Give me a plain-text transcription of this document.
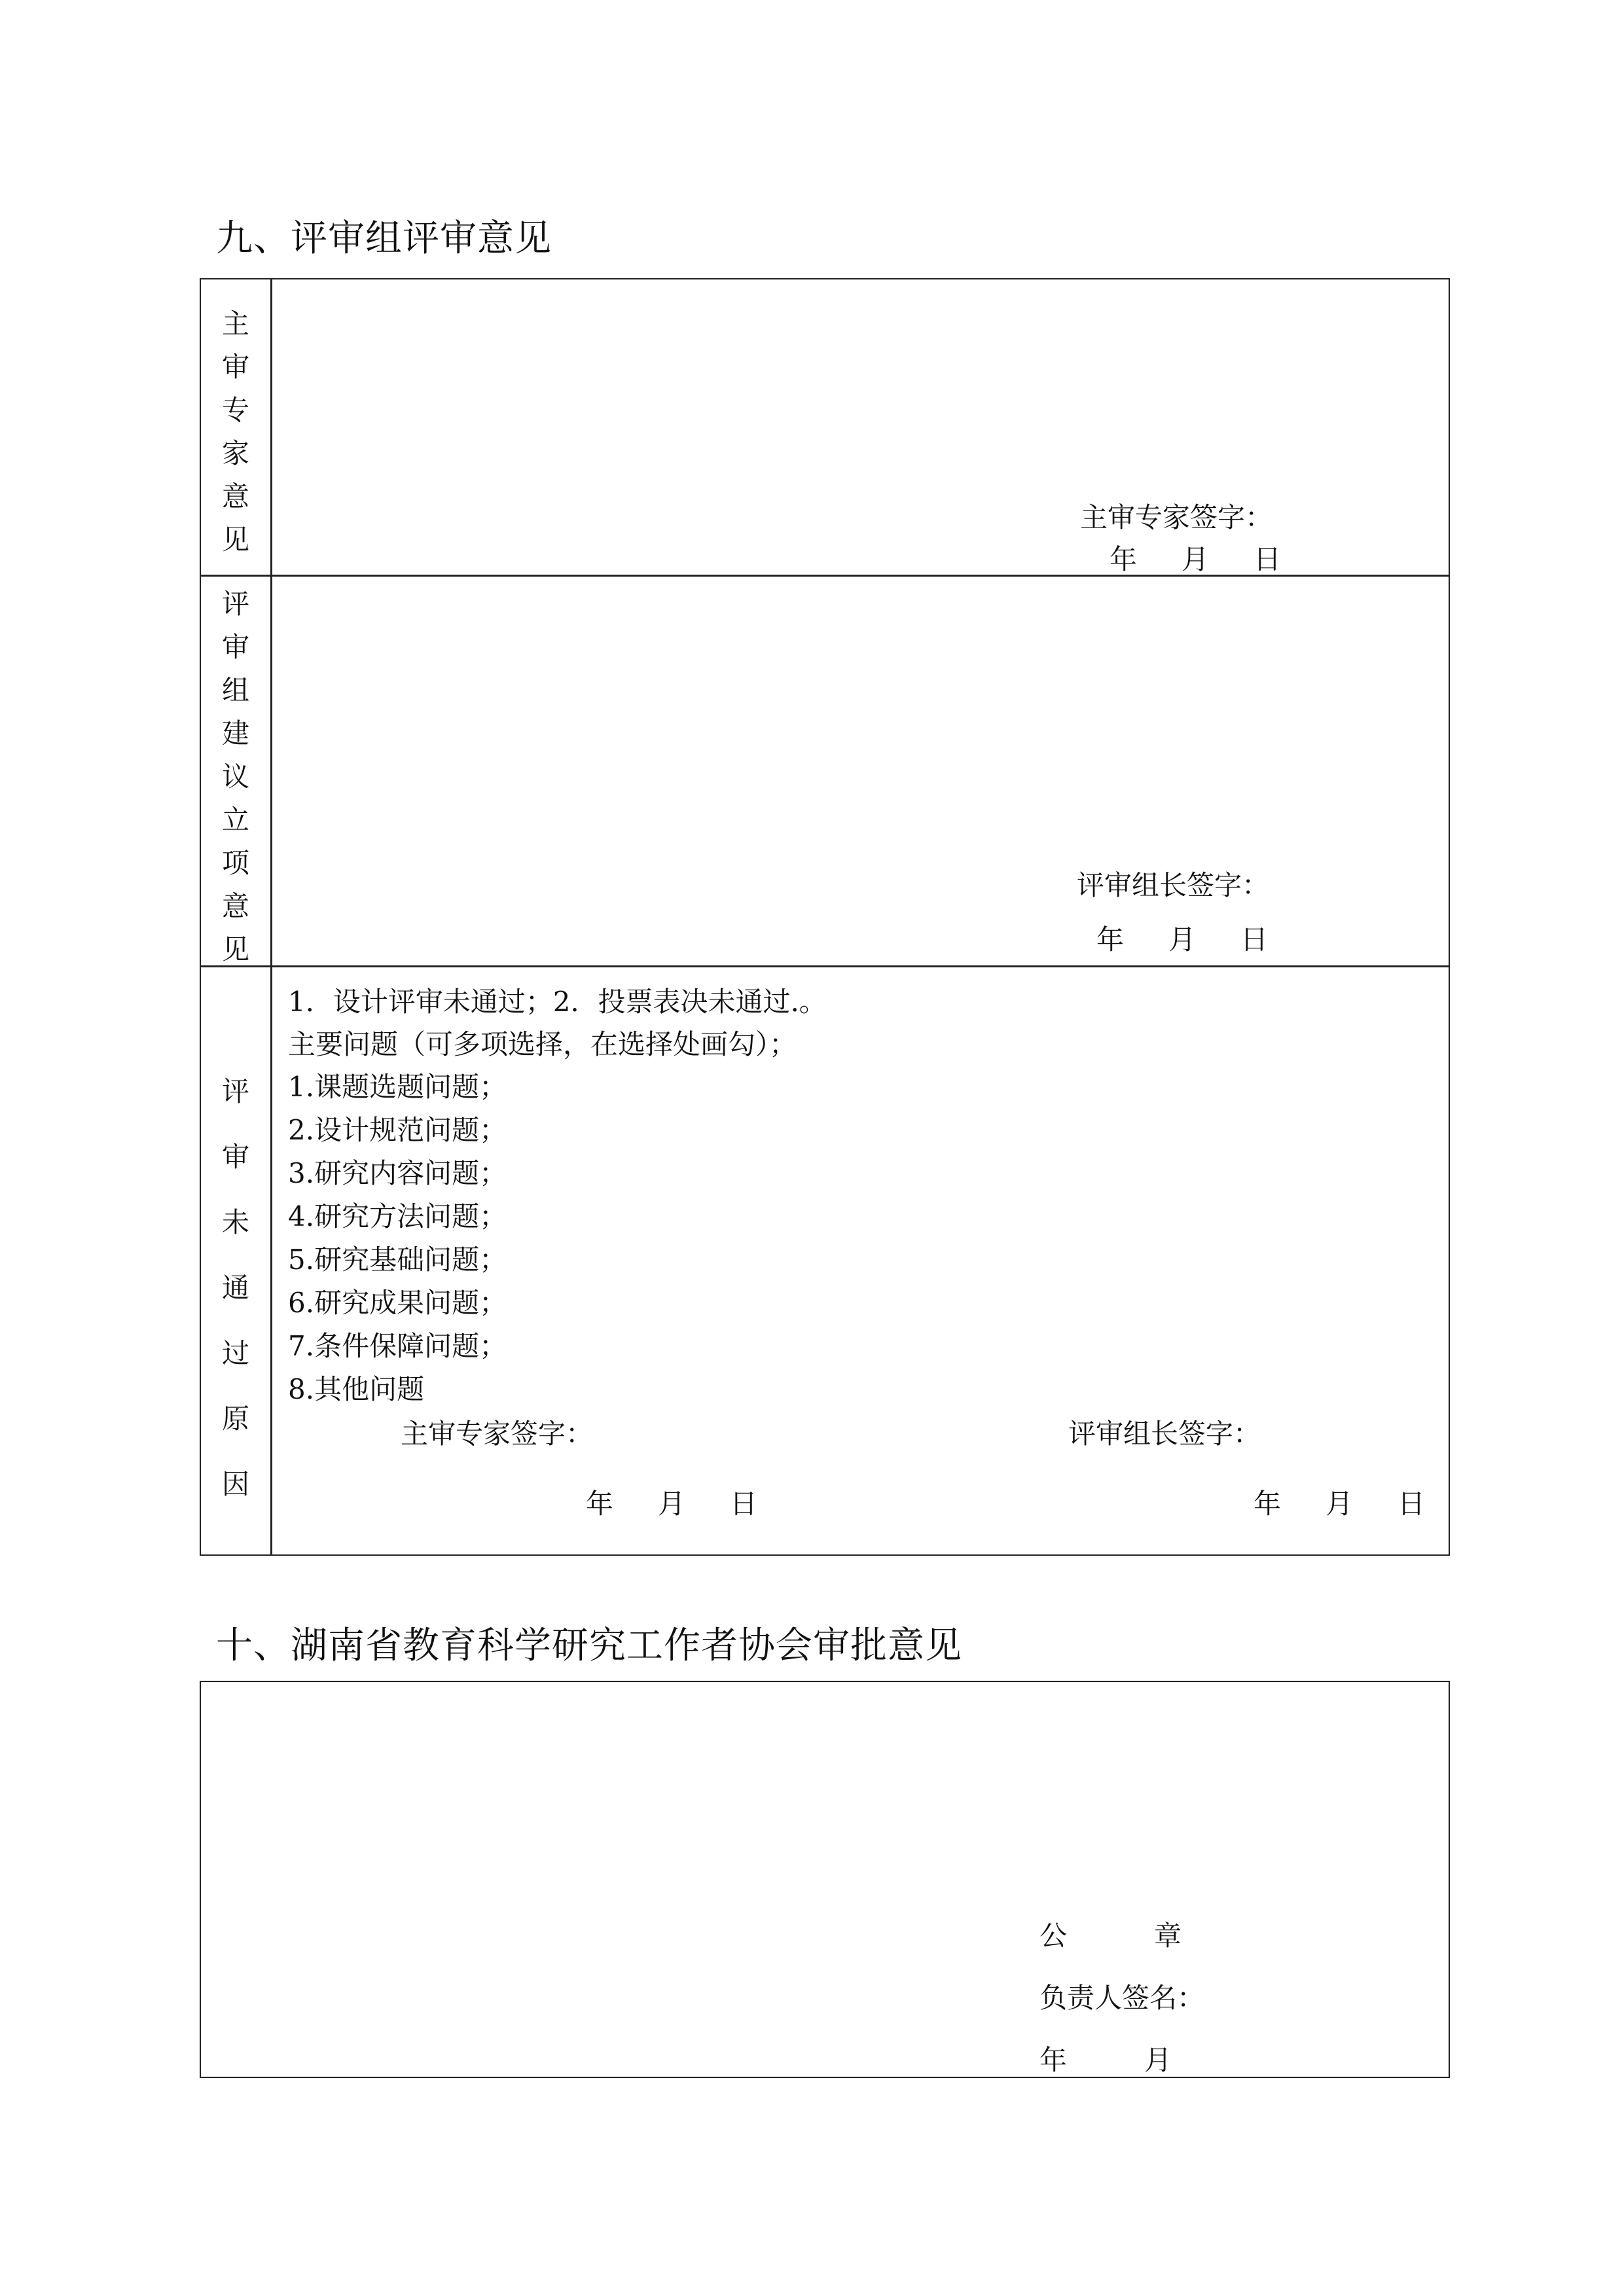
九、评审组评审意见
主
审
专
家
意
见
主审专家签字：
年 月 日
评
审
组
建
议
立
项
意
见
评审组长签字：
年 月 日
评
审
未
通
过
原
因
1．设计评审未通过；2．投票表决未通过.。
主要问题（可多项选择，在选择处画勾）；
1.课题选题问题；
2.设计规范问题；
3.研究内容问题；
4.研究方法问题；
5.研究基础问题；
6.研究成果问题；
7.条件保障问题；
8.其他问题
主审专家签字：	评审组长签字：
年 月 日	年 月 日
十、湖南省教育科学研究工作者协会审批意见
公	章
负责人签名：
年	月
